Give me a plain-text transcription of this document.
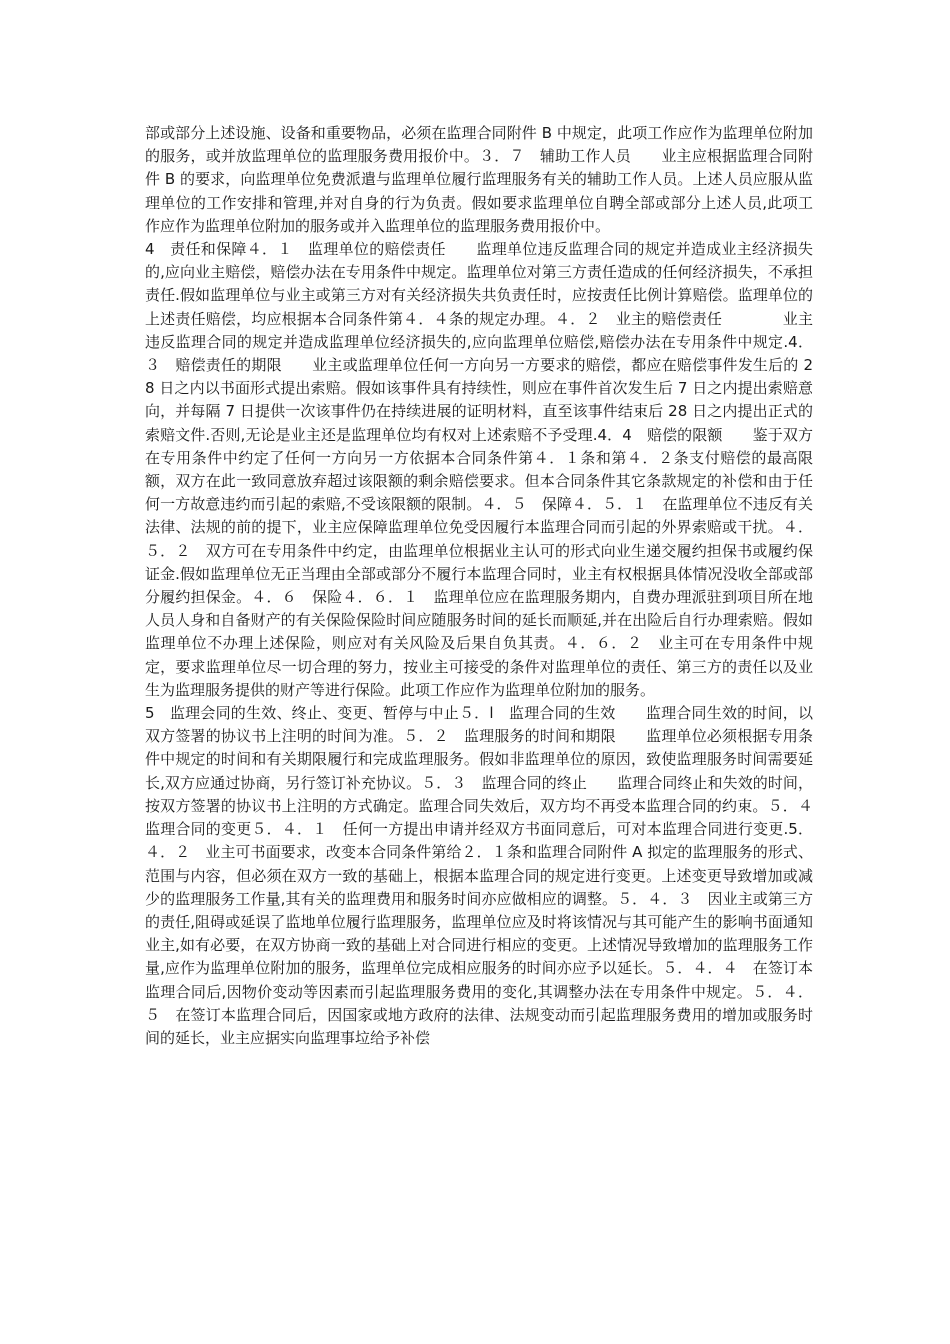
部或部分上述设施、设备和重要物品，必须在监理合同附件 B 中规定，此项工作应作为监理单位附加的服务，或并放监理单位的监理服务费用报价中。３．７　辅助工作人员　　业主应根据监理合同附件 B 的要求，向监理单位免费派遣与监理单位履行监理服务有关的辅助工作人员。上述人员应服从监理单位的工作安排和管理,并对自身的行为负责。假如要求监理单位自聘全部或部分上述人员,此项工作应作为监理单位附加的服务或并入监理单位的监理服务费用报价中。

4　责任和保障４．１　监理单位的赔偿责任　　监理单位违反监理合同的规定并造成业主经济损失的,应向业主赔偿，赔偿办法在专用条件中规定。监理单位对第三方责任造成的任何经济损失，不承担责任.假如监理单位与业主或第三方对有关经济损失共负责任时，应按责任比例计算赔偿。监理单位的上述责任赔偿，均应根据本合同条件第４．４条的规定办理。４．２　业主的赔偿责任　　　　业主违反监理合同的规定并造成监理单位经济损失的,应向监理单位赔偿,赔偿办法在专用条件中规定.4．３　赔偿责任的期限　　业主或监理单位任何一方向另一方要求的赔偿，都应在赔偿事件发生后的 28 日之内以书面形式提出索赔。假如该事件具有持续性，则应在事件首次发生后 7 日之内提出索赔意向，并每隔 7 日提供一次该事件仍在持续进展的证明材料，直至该事件结束后 28 日之内提出正式的索赔文件.否则,无论是业主还是监理单位均有权对上述索赔不予受理.4．4　赔偿的限额　　鉴于双方在专用条件中约定了任何一方向另一方依据本合同条件第４．１条和第４．２条支付赔偿的最高限额，双方在此一致同意放弃超过该限额的剩余赔偿要求。但本合同条件其它条款规定的补偿和由于任何一方故意违约而引起的索赔,不受该限额的限制。４．５　保障４．５．１　在监理单位不违反有关法律、法规的前的提下，业主应保障监理单位免受因履行本监理合同而引起的外界索赔或干扰。４．５．２　双方可在专用条件中约定，由监理单位根据业主认可的形式向业生递交履约担保书或履约保证金.假如监理单位无正当理由全部或部分不履行本监理合同时，业主有权根据具体情况没收全部或部分履约担保金。４．６　保险４．６．１　监理单位应在监理服务期内，自费办理派驻到项目所在地人员人身和自备财产的有关保险保险时间应随服务时间的延长而顺延,并在出险后自行办理索赔。假如监理单位不办理上述保险，则应对有关风险及后果自负其责。４．６．２　业主可在专用条件中规定，要求监理单位尽一切合理的努力，按业主可接受的条件对监理单位的责任、第三方的责任以及业生为监理服务提供的财产等进行保险。此项工作应作为监理单位附加的服务。

5　监理会同的生效、终止、变更、暂停与中止５．l　监理合同的生效　　监理合同生效的时间，以双方签署的协议书上注明的时间为准。５．２　监理服务的时间和期限　　监理单位必须根据专用条件中规定的时间和有关期限履行和完成监理服务。假如非监理单位的原因，致使监理服务时间需要延长,双方应通过协商，另行签订补充协议。５．３　监理合同的终止　　监理合同终止和失效的时间，按双方签署的协议书上注明的方式确定。监理合同失效后，双方均不再受本监理合同的约束。５．４　监理合同的变更５．４．１　任何一方提出申请并经双方书面同意后，可对本监理合同进行变更.5．４．２　业主可书面要求，改变本合同条件第给２．１条和监理合同附件 A 拟定的监理服务的形式、范围与内容，但必须在双方一致的基础上，根据本监理合同的规定进行变更。上述变更导致增加或减少的监理服务工作量,其有关的监理费用和服务时间亦应做相应的调整。５．４．３　因业主或第三方的责任,阻碍或延误了监地单位履行监理服务，监理单位应及时将该情况与其可能产生的影响书面通知业主,如有必要，在双方协商一致的基础上对合同进行相应的变更。上述情况导致增加的监理服务工作量,应作为监理单位附加的服务，监理单位完成相应服务的时间亦应予以延长。５．４．４　在签订本监理合同后,因物价变动等因素而引起监理服务费用的变化,其调整办法在专用条件中规定。５．４．５　在签订本监理合同后，因国家或地方政府的法律、法规变动而引起监理服务费用的增加或服务时间的延长，业主应据实向监理事垃给予补偿
